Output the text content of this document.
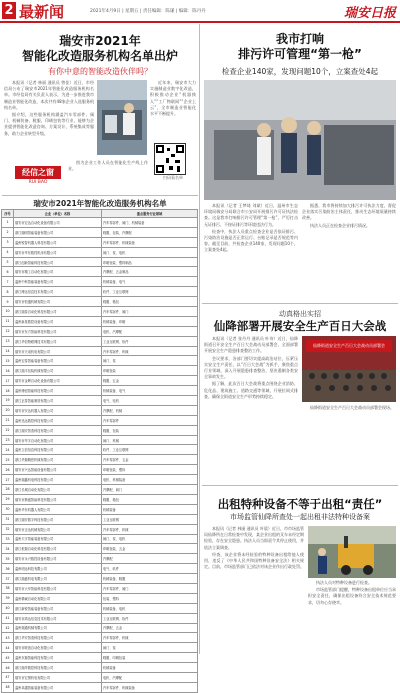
2 最新闻	2021年4月9日 | 星期五 | 责任编辑：陈谦 | 编辑：陈丹丹	瑞安日报
瑞安市2021年
智能化改造服务机构名单出炉
有你中意的智能改造伙伴吗？

本报讯（记者 林丽 通讯员 曾佳）近日，市经信局公布了瑞安市2021年智能化改造服务机构名单。市经信局有关负责人表示，为进一步推进我市制造业智能化改造，本次共有48家企业入选服务机构名单。

据介绍，这些服务机构涵盖汽车零部件、阀门、机械装备、鞋服、印刷包装等行业，能够为企业提供智能化改造咨询、方案设计、系统集成等服务，助力企业转型升级。

近年来，瑞安市大力实施制造业数字化改造，积极推动企业“机器换人”“工厂物联网”“企业上云”，全市制造业智能化水平不断提升。

扫码看名单
经信之窗
RUI BAO

图为企业工作人员在智能化生产线上作业。

瑞安市2021年智能化改造服务机构名单
序号	企业（单位）名称	重点服务行业领域
1	瑞安市宏达自动化设备有限公司	汽车零部件、阀门、机械装备
2	浙江瑞明智能装备有限公司	鞋服、包装、汽摩配
3	温州锐智机器人科技有限公司	汽车零部件、机械装备
4	瑞安市华东数控机床有限公司	阀门、泵、电机
5	浙江创新智能科技有限公司	印刷包装、塑料制品
6	瑞安市精工自动化有限公司	汽摩配、五金制品
7	温州中科智能装备有限公司	机械装备、电气
8	浙江博达信息技术有限公司	软件、工业互联网
9	瑞安市恒通机械有限公司	鞋服、箱包
10	浙江瑞泰自动化科技有限公司	汽车零部件、阀门
11	温州新星数控设备有限公司	机械装备、印刷
12	瑞安市东方智能科技有限公司	电机、汽摩配
13	浙江华信物联网技术有限公司	工业互联网、软件
14	瑞安市天成机电有限公司	汽车零部件、机械
15	温州宏泰智能装备有限公司	阀门、泵
16	浙江瑞丰包装机械有限公司	印刷包装
17	瑞安市金辉自动化设备有限公司	鞋服、五金
18	温州博创智能科技有限公司	机械装备、电气
19	浙江正泰智能制造有限公司	电气、电机
20	瑞安市安达机器人有限公司	汽摩配、机械
21	温州迅达数控科技有限公司	汽车零部件
22	浙江瑞安智造科技有限公司	鞋服、包装
23	瑞安市华宇自动化有限公司	阀门、机械
24	温州立信信息科技有限公司	软件、工业互联网
25	浙江华瑞精密机械有限公司	汽车零部件、五金
26	瑞安市兴达智能设备有限公司	印刷包装、塑料
27	温州瑞鑫机电科技有限公司	电机、机械装备
28	浙江长城自动化有限公司	汽摩配、阀门
29	瑞安市鼎盛智能科技有限公司	鞋服、箱包
30	温州华东机器人有限公司	机械装备
31	浙江瑞安数字科技有限公司	工业互联网
32	瑞安市正达机械有限公司	汽车零部件、机械
33	温州天宇智能装备有限公司	阀门、泵、电机
34	浙江恒瑞自动化科技有限公司	印刷包装、五金
35	瑞安市永兴数控设备有限公司	汽摩配
36	温州明达科技有限公司	电气、软件
37	浙江瑞盛机电有限公司	机械装备、鞋服
38	瑞安市大华智能科技有限公司	汽车零部件、阀门
39	温州精诚自动化有限公司	包装、塑料
40	浙江新锐智能装备有限公司	机械装备、电机
41	瑞安市鸿达信息技术有限公司	工业互联网、软件
42	温州瑞通机械有限公司	汽摩配、五金
43	浙江华安智造科技有限公司	汽车零部件、机械
44	瑞安市联创自动化有限公司	阀门、泵
45	温州东瑞智能科技有限公司	鞋服、印刷包装
46	浙江瑞华数控科技有限公司	机械装备
47	瑞安市宏图机电有限公司	电机、汽摩配
48	温州卓越智能装备有限公司	汽车零部件、机械装备
我市打响
排污许可管理“第一枪”
检查企业140家，发现问题10个，立案查处4起

本报讯（记者 王梦琦 刘斌）近日，温州市生态环境局瑞安分局联合市公安局开展排污许可证执法检查。这是我市打响排污许可管理“第一枪”，严厉打击无证排污、不按证排污等环境违法行为。

检查中，执法人员重点检查企业是否依证排污、污染防治设施是否正常运行、台账记录是否规范等内容。截至目前，共检查企业140家，发现问题10个，立案查处4起。

据悉，我市将持续加大排污许可执法力度，督促企业落实污染防治主体责任，推动生态环境质量持续改善。

执法人员正在检查企业排污情况。

动真格出实招
仙降部署开展安全生产百日大会战

本报讯（记者 张丹丹 通讯员 叶诗）近日，仙降街道召开安全生产百日大会战动员部署会，全面部署开展安全生产隐患排查整治工作。

会议要求，各部门要切实提高政治站位，压紧压实安全生产责任，以“百日大会战”为抓手，聚焦重点行业领域，深入开展隐患排查整治，坚决遏制各类安全事故发生。

据了解，此次百日大会战将重点围绕企业消防、危化品、建筑施工、道路交通等领域，开展拉网式排查，确保全街道安全生产形势持续稳定。

仙降街道安全生产百日大会战动员部署会

仙降街道安全生产百日大会战动员部署会现场。

出租特种设备不等于出租“责任”
市场监管仙降所查处一起出租非法特种设备案

本报讯（记者 林丽 通讯员 叶晨）近日，市市场监管局仙降所在日常检查中发现，某企业出租的叉车未经定期检验，存在安全隐患。执法人员当即责令其停止使用，并依法立案调查。

经查，该企业将未经检验的特种设备出租给他人使用，违反了《中华人民共和国特种设备安全法》相关规定。目前，市场监管部门已依法对该企业作出行政处罚。

执法人员对特种设备进行检查。

市场监管部门提醒，特种设备出租单位应当承担安全责任，确保出租设备符合安全技术规范要求，切勿心存侥幸。
